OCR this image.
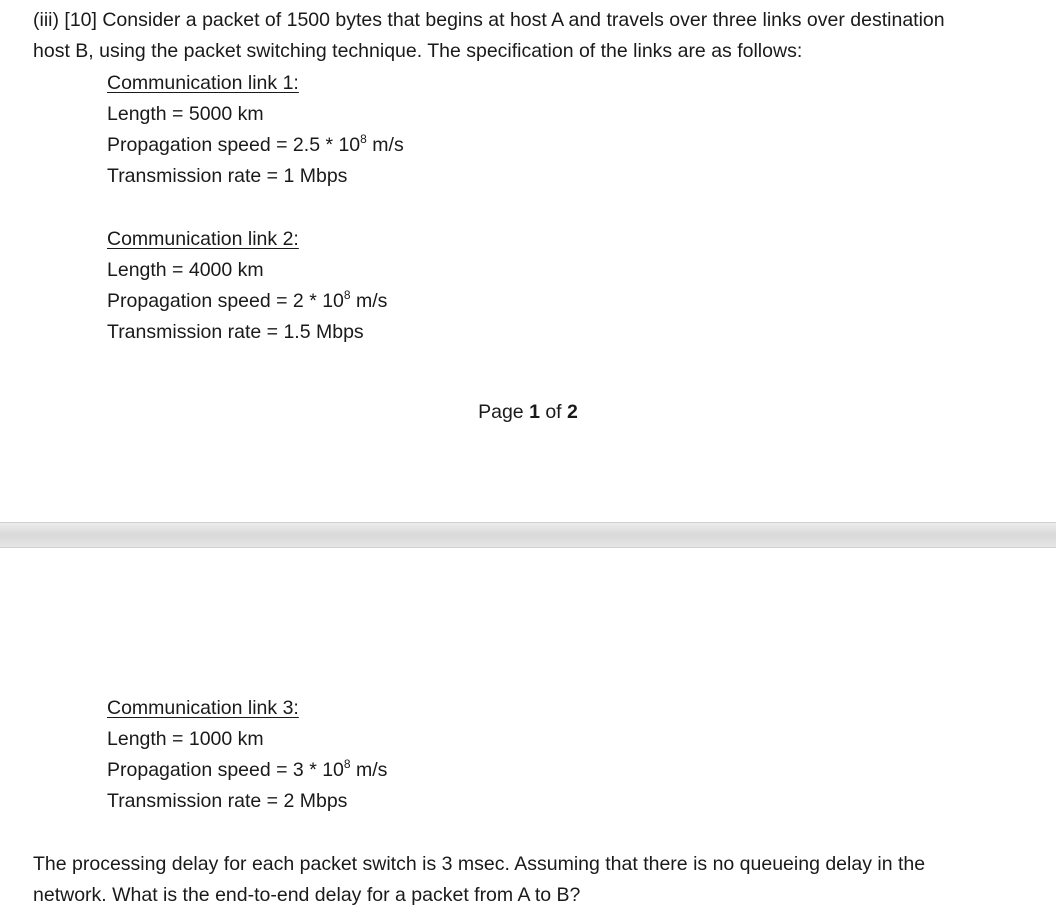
(iii) [10] Consider a packet of 1500 bytes that begins at host A and travels over three links over destination
host B, using the packet switching technique. The specification of the links are as follows:
Communication link 1:
Length = 5000 km
Propagation speed = $2.5 * 10^8$ m/s
Transmission rate = 1 Mbps
Communication link 2:
Length = 4000 km
Propagation speed = $2 * 10^8$ m/s
Transmission rate = 1.5 Mbps
Page 1 of 2
Communication link 3:
Length = 1000 km
Propagation speed = $3 * 10^8$ m/s
Transmission rate = 2 Mbps
The processing delay for each packet switch is 3 msec. Assuming that there is no queueing delay in the
network. What is the end-to-end delay for a packet from A to B?
